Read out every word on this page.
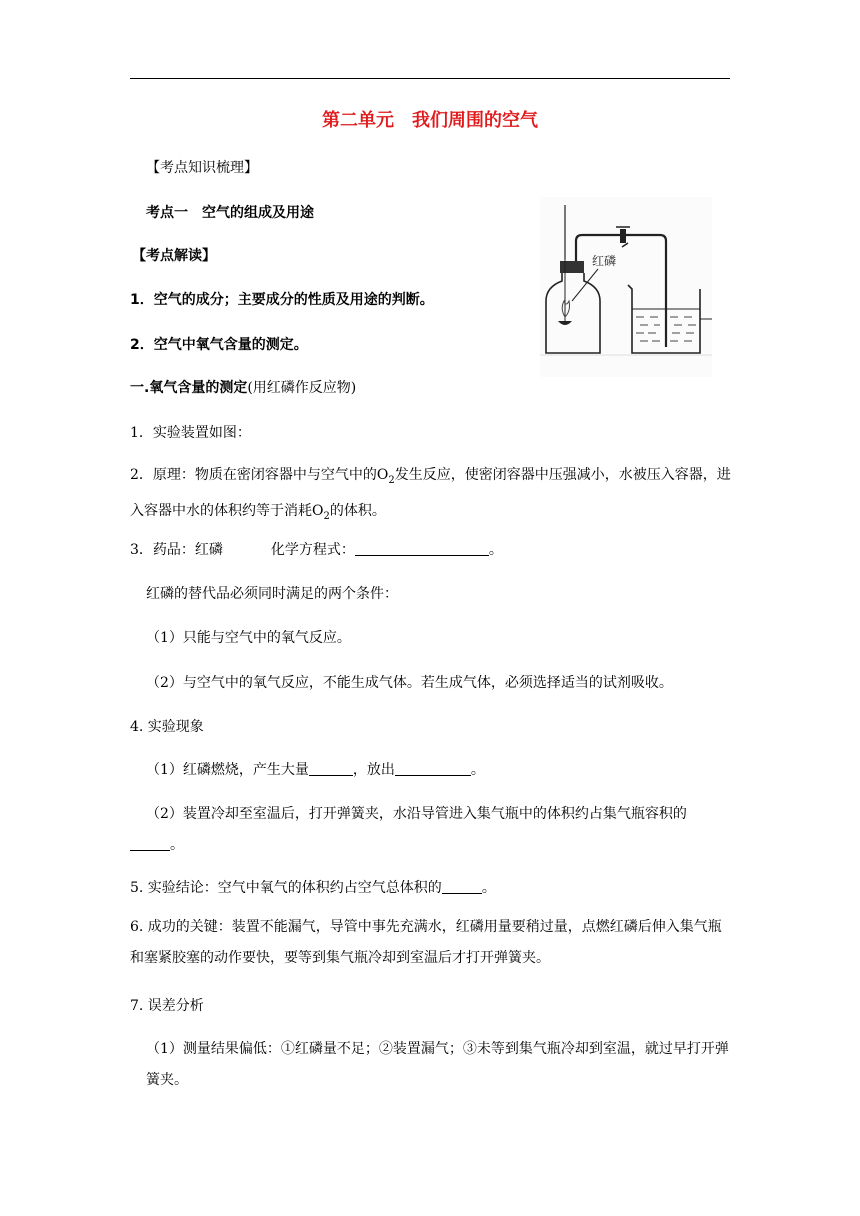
第二单元　我们周围的空气
【考点知识梳理】
考点一　空气的组成及用途
【考点解读】
1．空气的成分；主要成分的性质及用途的判断。
2．空气中氧气含量的测定。
一.氧气含量的测定(用红磷作反应物)
1．实验装置如图：
2．原理：物质在密闭容器中与空气中的$O_2$发生反应，使密闭容器中压强减小，水被压入容器，进入容器中水的体积约等于消耗$O_2$的体积。
3．药品：红磷	化学方程式：	。
红磷的替代品必须同时满足的两个条件：
（1）只能与空气中的氧气反应。
（2）与空气中的氧气反应，不能生成气体。若生成气体，必须选择适当的试剂吸收。
4. 实验现象
（1）红磷燃烧，产生大量	，放出	。
（2）装置冷却至室温后，打开弹簧夹，水沿导管进入集气瓶中的体积约占集气瓶容积的
。
5. 实验结论：空气中氧气的体积约占空气总体积的	。
6. 成功的关键：装置不能漏气，导管中事先充满水，红磷用量要稍过量，点燃红磷后伸入集气瓶和塞紧胶塞的动作要快，要等到集气瓶冷却到室温后才打开弹簧夹。
7. 误差分析
（1）测量结果偏低：①红磷量不足；②装置漏气；③未等到集气瓶冷却到室温，就过早打开弹簧夹。
红磷
